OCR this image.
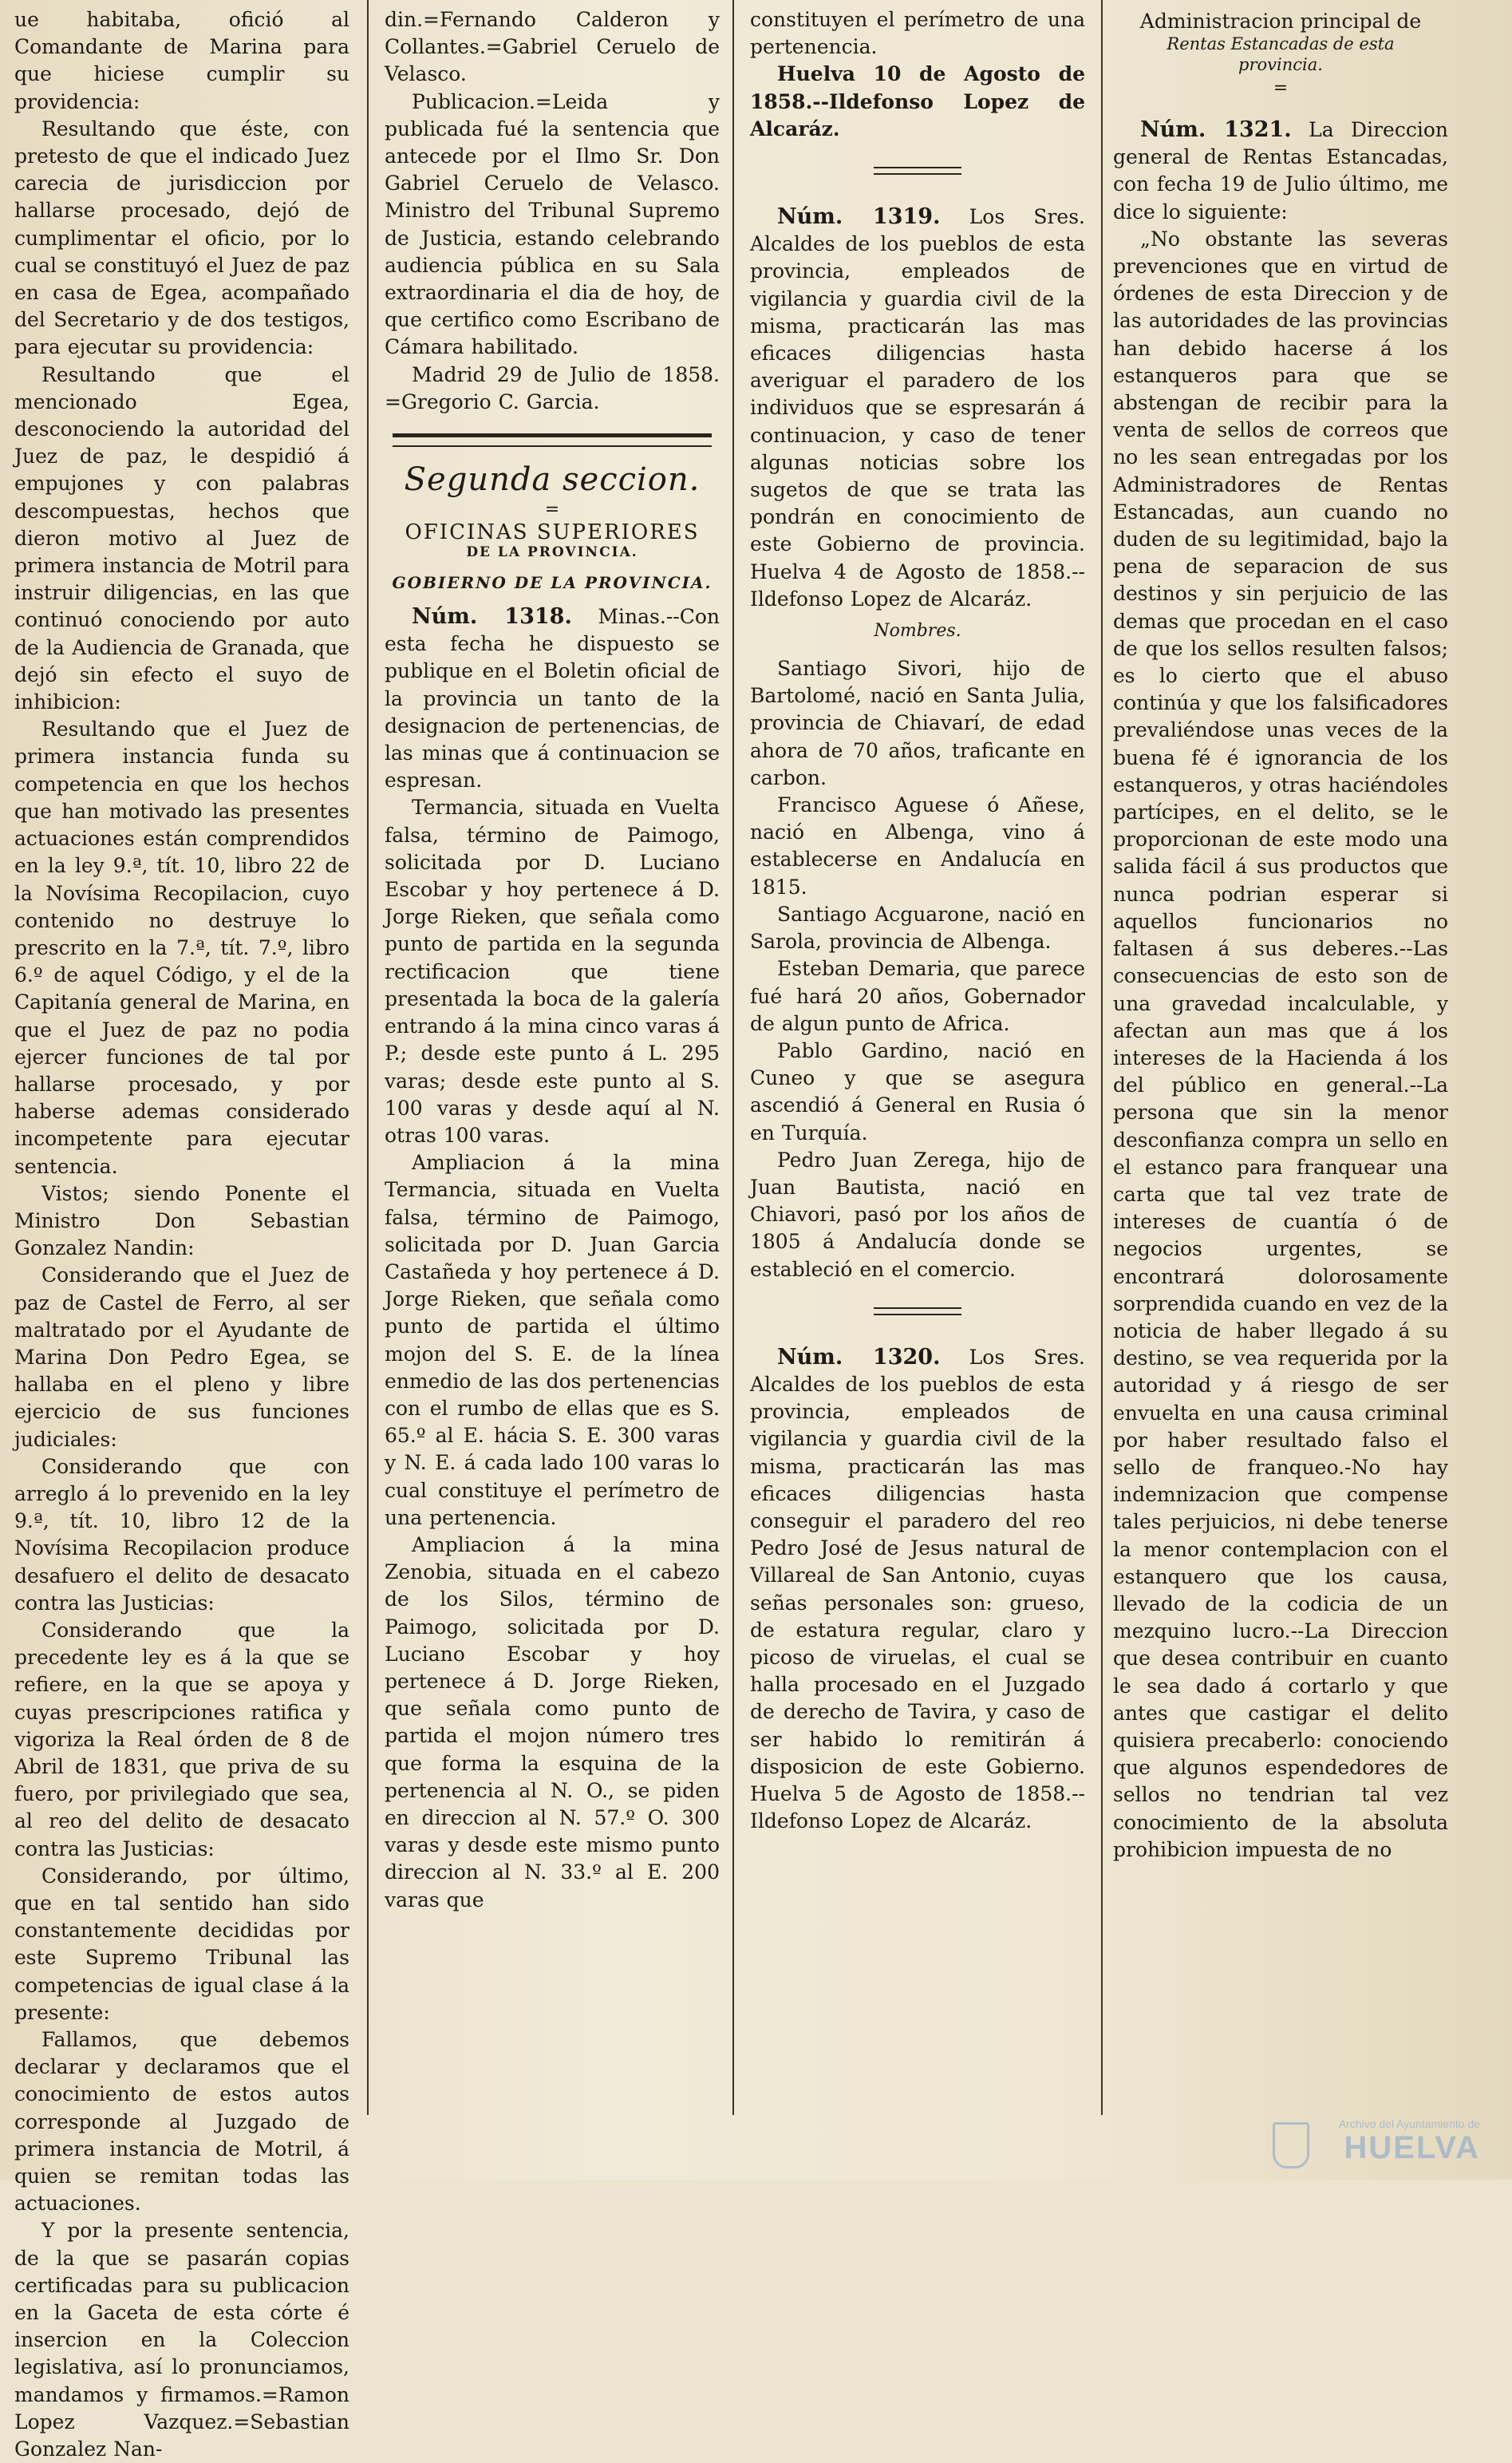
ue habitaba, ofició al Comandante de Marina para que hiciese cumplir su providencia:

Resultando que éste, con pretesto de que el indicado Juez carecia de jurisdiccion por hallarse procesado, dejó de cumplimentar el oficio, por lo cual se constituyó el Juez de paz en casa de Egea, acompañado del Secretario y de dos testigos, para ejecutar su providencia:

Resultando que el mencionado Egea, desconociendo la autoridad del Juez de paz, le despidió á empujones y con palabras descompuestas, hechos que dieron motivo al Juez de primera instancia de Motril para instruir diligencias, en las que continuó conociendo por auto de la Audiencia de Granada, que dejó sin efecto el suyo de inhibicion:

Resultando que el Juez de primera instancia funda su competencia en que los hechos que han motivado las presentes actuaciones están comprendidos en la ley 9.ª, tít. 10, libro 22 de la Novísima Recopilacion, cuyo contenido no destruye lo prescrito en la 7.ª, tít. 7.º, libro 6.º de aquel Código, y el de la Capitanía general de Marina, en que el Juez de paz no podia ejercer funciones de tal por hallarse procesado, y por haberse ademas considerado incompetente para ejecutar sentencia.

Vistos; siendo Ponente el Ministro Don Sebastian Gonzalez Nandin:

Considerando que el Juez de paz de Castel de Ferro, al ser maltratado por el Ayudante de Marina Don Pedro Egea, se hallaba en el pleno y libre ejercicio de sus funciones judiciales:

Considerando que con arreglo á lo prevenido en la ley 9.ª, tít. 10, libro 12 de la Novísima Recopilacion produce desafuero el delito de desacato contra las Justicias:

Considerando que la precedente ley es á la que se refiere, en la que se apoya y cuyas prescripciones ratifica y vigoriza la Real órden de 8 de Abril de 1831, que priva de su fuero, por privilegiado que sea, al reo del delito de desacato contra las Justicias:

Considerando, por último, que en tal sentido han sido constantemente decididas por este Supremo Tribunal las competencias de igual clase á la presente:

Fallamos, que debemos declarar y declaramos que el conocimiento de estos autos corresponde al Juzgado de primera instancia de Motril, á quien se remitan todas las actuaciones.

Y por la presente sentencia, de la que se pasarán copias certificadas para su publicacion en la Gaceta de esta córte é insercion en la Coleccion legislativa, así lo pronunciamos, mandamos y firmamos.=Ramon Lopez Vazquez.=Sebastian Gonzalez Nan-

din.=Fernando Calderon y Collantes.=Gabriel Ceruelo de Velasco.

Publicacion.=Leida y publicada fué la sentencia que antecede por el Ilmo Sr. Don Gabriel Ceruelo de Velasco. Ministro del Tribunal Supremo de Justicia, estando celebrando audiencia pública en su Sala extraordinaria el dia de hoy, de que certifico como Escribano de Cámara habilitado.

Madrid 29 de Julio de 1858. =Gregorio C. Garcia.

Segunda seccion.
=
OFICINAS SUPERIORES
DE LA PROVINCIA.
GOBIERNO DE LA PROVINCIA.

Núm. 1318. Minas.--Con esta fecha he dispuesto se publique en el Boletin oficial de la provincia un tanto de la designacion de pertenencias, de las minas que á continuacion se espresan.

Termancia, situada en Vuelta falsa, término de Paimogo, solicitada por D. Luciano Escobar y hoy pertenece á D. Jorge Rieken, que señala como punto de partida en la segunda rectificacion que tiene presentada la boca de la galería entrando á la mina cinco varas á P.; desde este punto á L. 295 varas; desde este punto al S. 100 varas y desde aquí al N. otras 100 varas.

Ampliacion á la mina Termancia, situada en Vuelta falsa, término de Paimogo, solicitada por D. Juan Garcia Castañeda y hoy pertenece á D. Jorge Rieken, que señala como punto de partida el último mojon del S. E. de la línea enmedio de las dos pertenencias con el rumbo de ellas que es S. 65.º al E. hácia S. E. 300 varas y N. E. á cada lado 100 varas lo cual constituye el perímetro de una pertenencia.

Ampliacion á la mina Zenobia, situada en el cabezo de los Silos, término de Paimogo, solicitada por D. Luciano Escobar y hoy pertenece á D. Jorge Rieken, que señala como punto de partida el mojon número tres que forma la esquina de la pertenencia al N. O., se piden en direccion al N. 57.º O. 300 varas y desde este mismo punto direccion al N. 33.º al E. 200 varas que

constituyen el perímetro de una pertenencia.

Huelva 10 de Agosto de 1858.--Ildefonso Lopez de Alcaráz.

Núm. 1319. Los Sres. Alcaldes de los pueblos de esta provincia, empleados de vigilancia y guardia civil de la misma, practicarán las mas eficaces diligencias hasta averiguar el paradero de los individuos que se espresarán á continuacion, y caso de tener algunas noticias sobre los sugetos de que se trata las pondrán en conocimiento de este Gobierno de provincia. Huelva 4 de Agosto de 1858.--Ildefonso Lopez de Alcaráz.

Nombres.

Santiago Sivori, hijo de Bartolomé, nació en Santa Julia, provincia de Chiavarí, de edad ahora de 70 años, traficante en carbon.

Francisco Aguese ó Añese, nació en Albenga, vino á establecerse en Andalucía en 1815.

Santiago Acguarone, nació en Sarola, provincia de Albenga.

Esteban Demaria, que parece fué hará 20 años, Gobernador de algun punto de Africa.

Pablo Gardino, nació en Cuneo y que se asegura ascendió á General en Rusia ó en Turquía.

Pedro Juan Zerega, hijo de Juan Bautista, nació en Chiavori, pasó por los años de 1805 á Andalucía donde se estableció en el comercio.

Núm. 1320. Los Sres. Alcaldes de los pueblos de esta provincia, empleados de vigilancia y guardia civil de la misma, practicarán las mas eficaces diligencias hasta conseguir el paradero del reo Pedro José de Jesus natural de Villareal de San Antonio, cuyas señas personales son: grueso, de estatura regular, claro y picoso de viruelas, el cual se halla procesado en el Juzgado de derecho de Tavira, y caso de ser habido lo remitirán á disposicion de este Gobierno. Huelva 5 de Agosto de 1858.--Ildefonso Lopez de Alcaráz.

Administracion principal de
Rentas Estancadas de esta
provincia.
=

Núm. 1321. La Direccion general de Rentas Estancadas, con fecha 19 de Julio último, me dice lo siguiente:

„No obstante las severas prevenciones que en virtud de órdenes de esta Direccion y de las autoridades de las provincias han debido hacerse á los estanqueros para que se abstengan de recibir para la venta de sellos de correos que no les sean entregadas por los Administradores de Rentas Estancadas, aun cuando no duden de su legitimidad, bajo la pena de separacion de sus destinos y sin perjuicio de las demas que procedan en el caso de que los sellos resulten falsos; es lo cierto que el abuso continúa y que los falsificadores prevaliéndose unas veces de la buena fé é ignorancia de los estanqueros, y otras haciéndoles partícipes, en el delito, se le proporcionan de este modo una salida fácil á sus productos que nunca podrian esperar si aquellos funcionarios no faltasen á sus deberes.--Las consecuencias de esto son de una gravedad incalculable, y afectan aun mas que á los intereses de la Hacienda á los del público en general.--La persona que sin la menor desconfianza compra un sello en el estanco para franquear una carta que tal vez trate de intereses de cuantía ó de negocios urgentes, se encontrará dolorosamente sorprendida cuando en vez de la noticia de haber llegado á su destino, se vea requerida por la autoridad y á riesgo de ser envuelta en una causa criminal por haber resultado falso el sello de franqueo.-No hay indemnizacion que compense tales perjuicios, ni debe tenerse la menor contemplacion con el estanquero que los causa, llevado de la codicia de un mezquino lucro.--La Direccion que desea contribuir en cuanto le sea dado á cortarlo y que antes que castigar el delito quisiera precaberlo: conociendo que algunos espendedores de sellos no tendrian tal vez conocimiento de la absoluta prohibicion impuesta de no

Archivo del Ayuntamiento de
HUELVA
